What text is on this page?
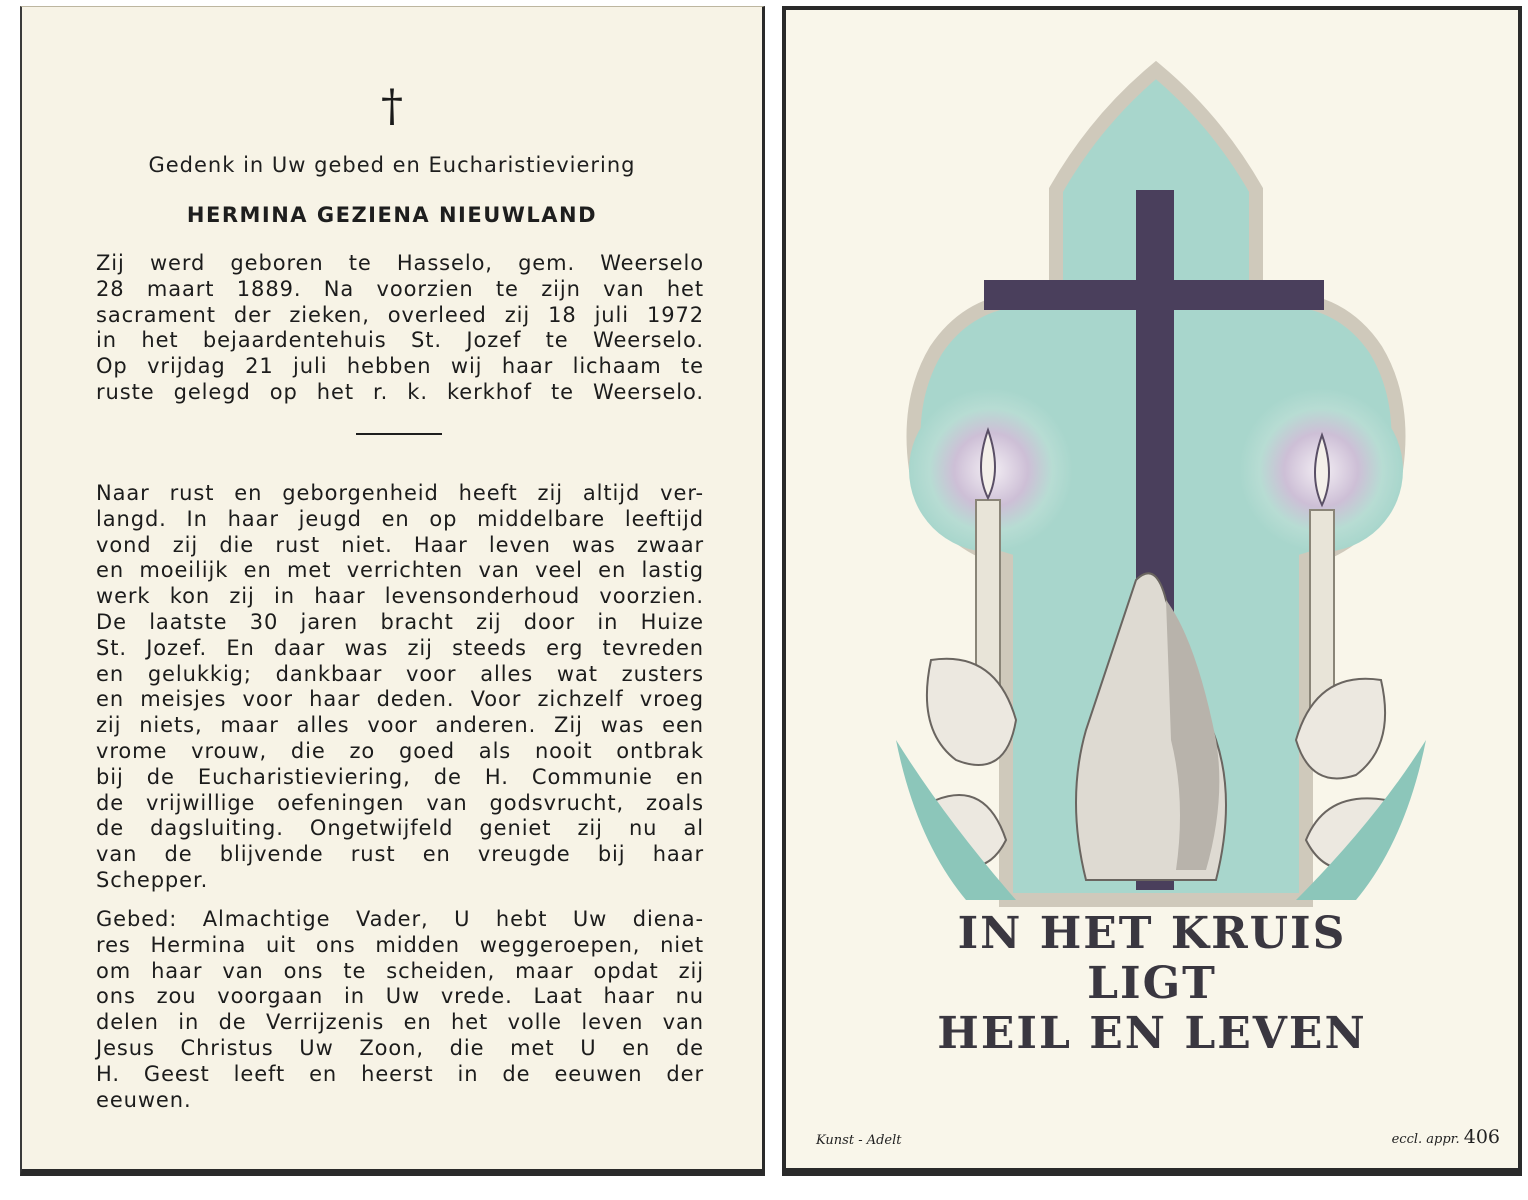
†
Gedenk in Uw gebed en Eucharistieviering
HERMINA GEZIENA NIEUWLAND
Zij werd geboren te Hasselo, gem. Weerselo
28 maart 1889. Na voorzien te zijn van het
sacrament der zieken, overleed zij 18 juli 1972
in het bejaardentehuis St. Jozef te Weerselo.
Op vrijdag 21 juli hebben wij haar lichaam te
ruste gelegd op het r. k. kerkhof te Weerselo.
Naar rust en geborgenheid heeft zij altijd ver-
langd. In haar jeugd en op middelbare leeftijd
vond zij die rust niet. Haar leven was zwaar
en moeilijk en met verrichten van veel en lastig
werk kon zij in haar levensonderhoud voorzien.
De laatste 30 jaren bracht zij door in Huize
St. Jozef. En daar was zij steeds erg tevreden
en gelukkig; dankbaar voor alles wat zusters
en meisjes voor haar deden. Voor zichzelf vroeg
zij niets, maar alles voor anderen. Zij was een
vrome vrouw, die zo goed als nooit ontbrak
bij de Eucharistieviering, de H. Communie en
de vrijwillige oefeningen van godsvrucht, zoals
de dagsluiting. Ongetwijfeld geniet zij nu al
van de blijvende rust en vreugde bij haar
Schepper.
Gebed: Almachtige Vader, U hebt Uw diena-
res Hermina uit ons midden weggeroepen, niet
om haar van ons te scheiden, maar opdat zij
ons zou voorgaan in Uw vrede. Laat haar nu
delen in de Verrijzenis en het volle leven van
Jesus Christus Uw Zoon, die met U en de
H. Geest leeft en heerst in de eeuwen der
eeuwen.
IN HET KRUIS
LIGT
HEIL EN LEVEN
Kunst - Adelt	eccl. appr. 406
